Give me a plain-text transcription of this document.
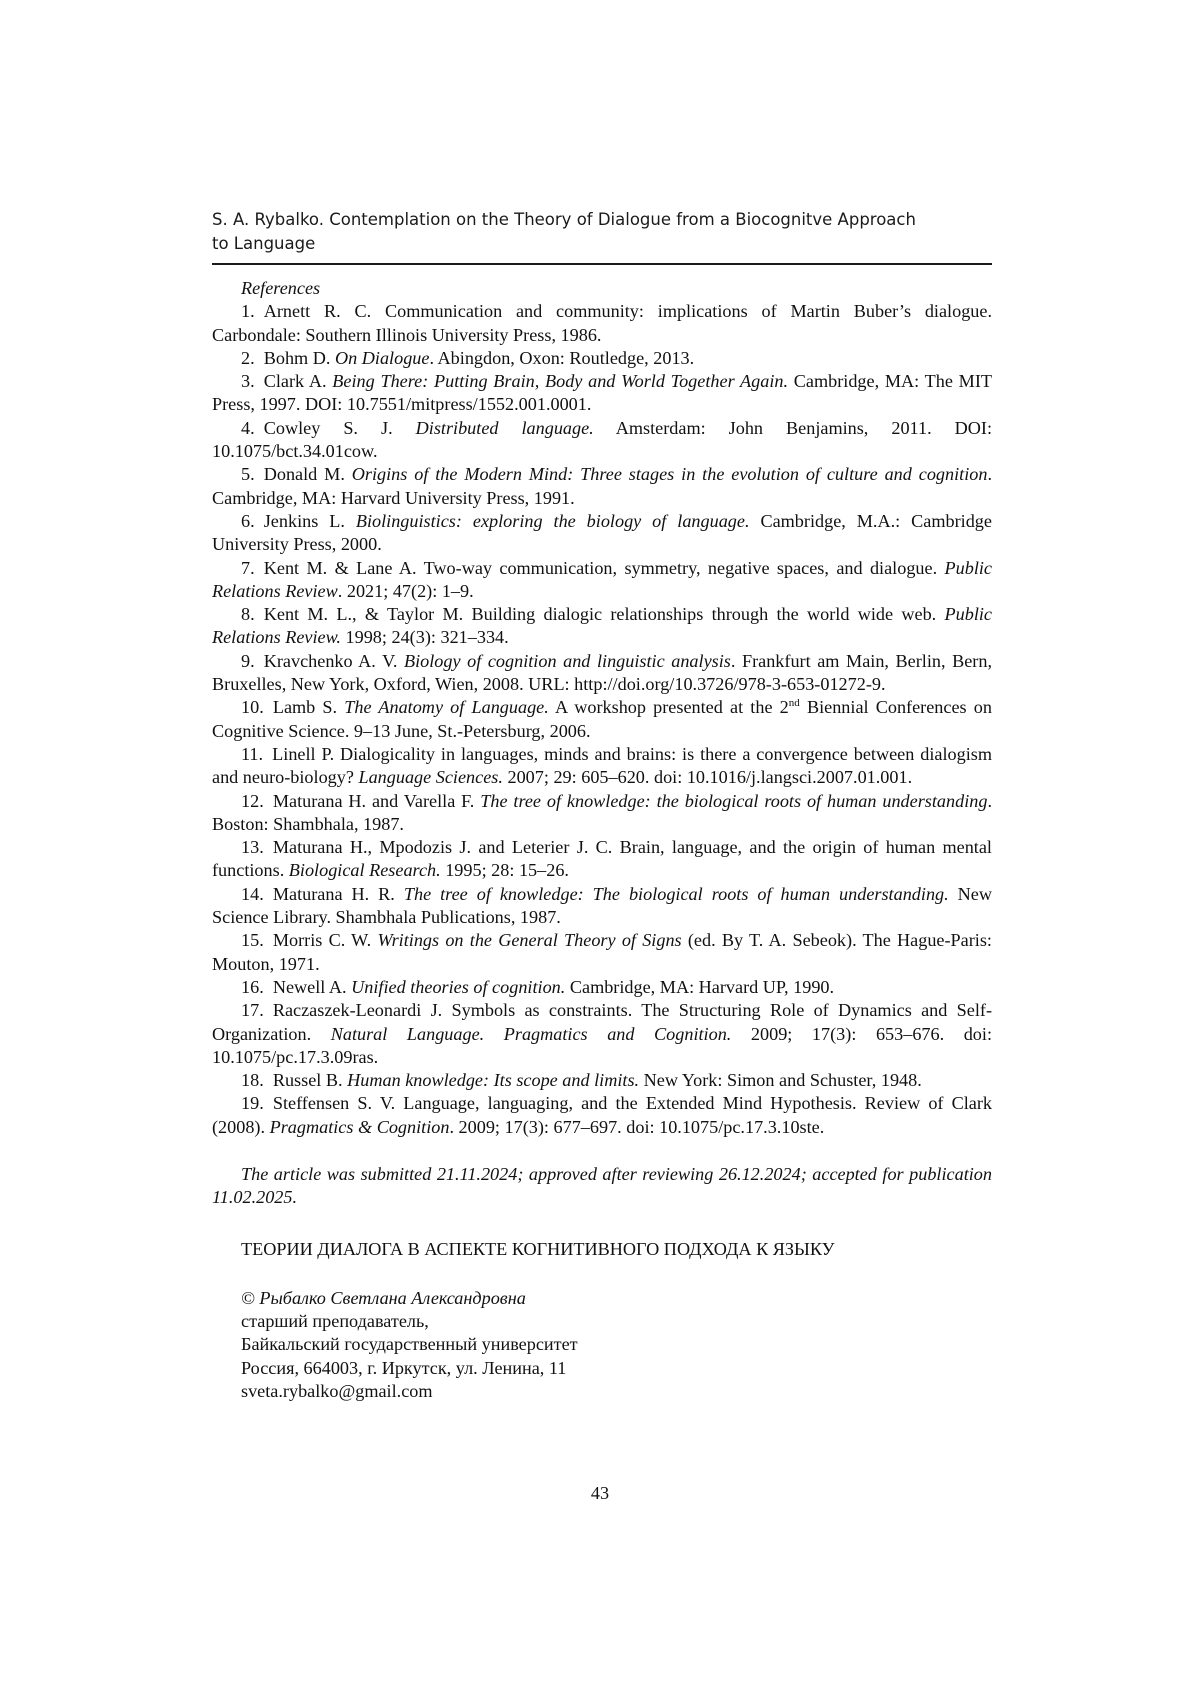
S. A. Rybalko. Contemplation on the Theory of Dialogue from a Biocognitve Approach
to Language

References

1.  Arnett R. C. Communication and community: implications of Martin Buber’s dialogue. Carbondale: Southern Illinois University Press, 1986.

2.  Bohm D. On Dialogue. Abingdon, Oxon: Routledge, 2013.

3.  Clark A. Being There: Putting Brain, Body and World Together Again. Cambridge, MA: The MIT Press, 1997. DOI: 10.7551/mitpress/1552.001.0001.

4.  Cowley S. J. Distributed language. Amsterdam: John Benjamins, 2011. DOI: 10.1075/bct.34.01cow.

5.  Donald M. Origins of the Modern Mind: Three stages in the evolution of culture and cognition. Cambridge, MA: Harvard University Press, 1991.

6.  Jenkins L. Biolinguistics: exploring the biology of language. Cambridge, M.A.: Cambridge University Press, 2000.

7.  Kent M. & Lane A. Two-way communication, symmetry, negative spaces, and dialogue. Public Relations Review. 2021; 47(2): 1–9.

8.  Kent M. L., & Taylor M. Building dialogic relationships through the world wide web. Public Relations Review. 1998; 24(3): 321–334.

9.  Kravchenko A. V. Biology of cognition and linguistic analysis. Frankfurt am Main, Berlin, Bern, Bruxelles, New York, Oxford, Wien, 2008. URL: http://doi.org/10.3726/978-3-653-01272-9.

10.  Lamb S. The Anatomy of Language. A workshop presented at the 2nd Biennial Conferences on Cognitive Science. 9–13 June, St.-Petersburg, 2006.

11.  Linell P. Dialogicality in languages, minds and brains: is there a convergence between dialogism and neuro-biology? Language Sciences. 2007; 29: 605–620. doi: 10.1016/j.langsci.2007.01.001.

12.  Maturana H. and Varella F. The tree of knowledge: the biological roots of human understanding. Boston: Shambhala, 1987.

13.  Maturana H., Mpodozis J. and Leterier J. C. Brain, language, and the origin of human mental functions. Biological Research. 1995; 28: 15–26.

14.  Maturana H. R. The tree of knowledge: The biological roots of human understanding. New Science Library. Shambhala Publications, 1987.

15.  Morris C. W. Writings on the General Theory of Signs (ed. By T. A. Sebeok). The Hague-Paris: Mouton, 1971.

16.  Newell A. Unified theories of cognition. Cambridge, MA: Harvard UP, 1990.

17.  Raczaszek-Leonardi J. Symbols as constraints. The Structuring Role of Dynamics and Self-Organization. Natural Language. Pragmatics and Cognition. 2009; 17(3): 653–676. doi: 10.1075/pc.17.3.09ras.

18.  Russel B. Human knowledge: Its scope and limits. New York: Simon and Schuster, 1948.

19.  Steffensen S. V. Language, languaging, and the Extended Mind Hypothesis. Review of Clark (2008). Pragmatics & Cognition. 2009; 17(3): 677–697. doi: 10.1075/pc.17.3.10ste.

The article was submitted 21.11.2024; approved after reviewing 26.12.2024; accepted for publication 11.02.2025.

ТЕОРИИ ДИАЛОГА В АСПЕКТЕ КОГНИТИВНОГО ПОДХОДА К ЯЗЫКУ

© Рыбалко Светлана Александровна
старший преподаватель,
Байкальский государственный университет
Россия, 664003, г. Иркутск, ул. Ленина, 11
sveta.rybalko@gmail.com
43
